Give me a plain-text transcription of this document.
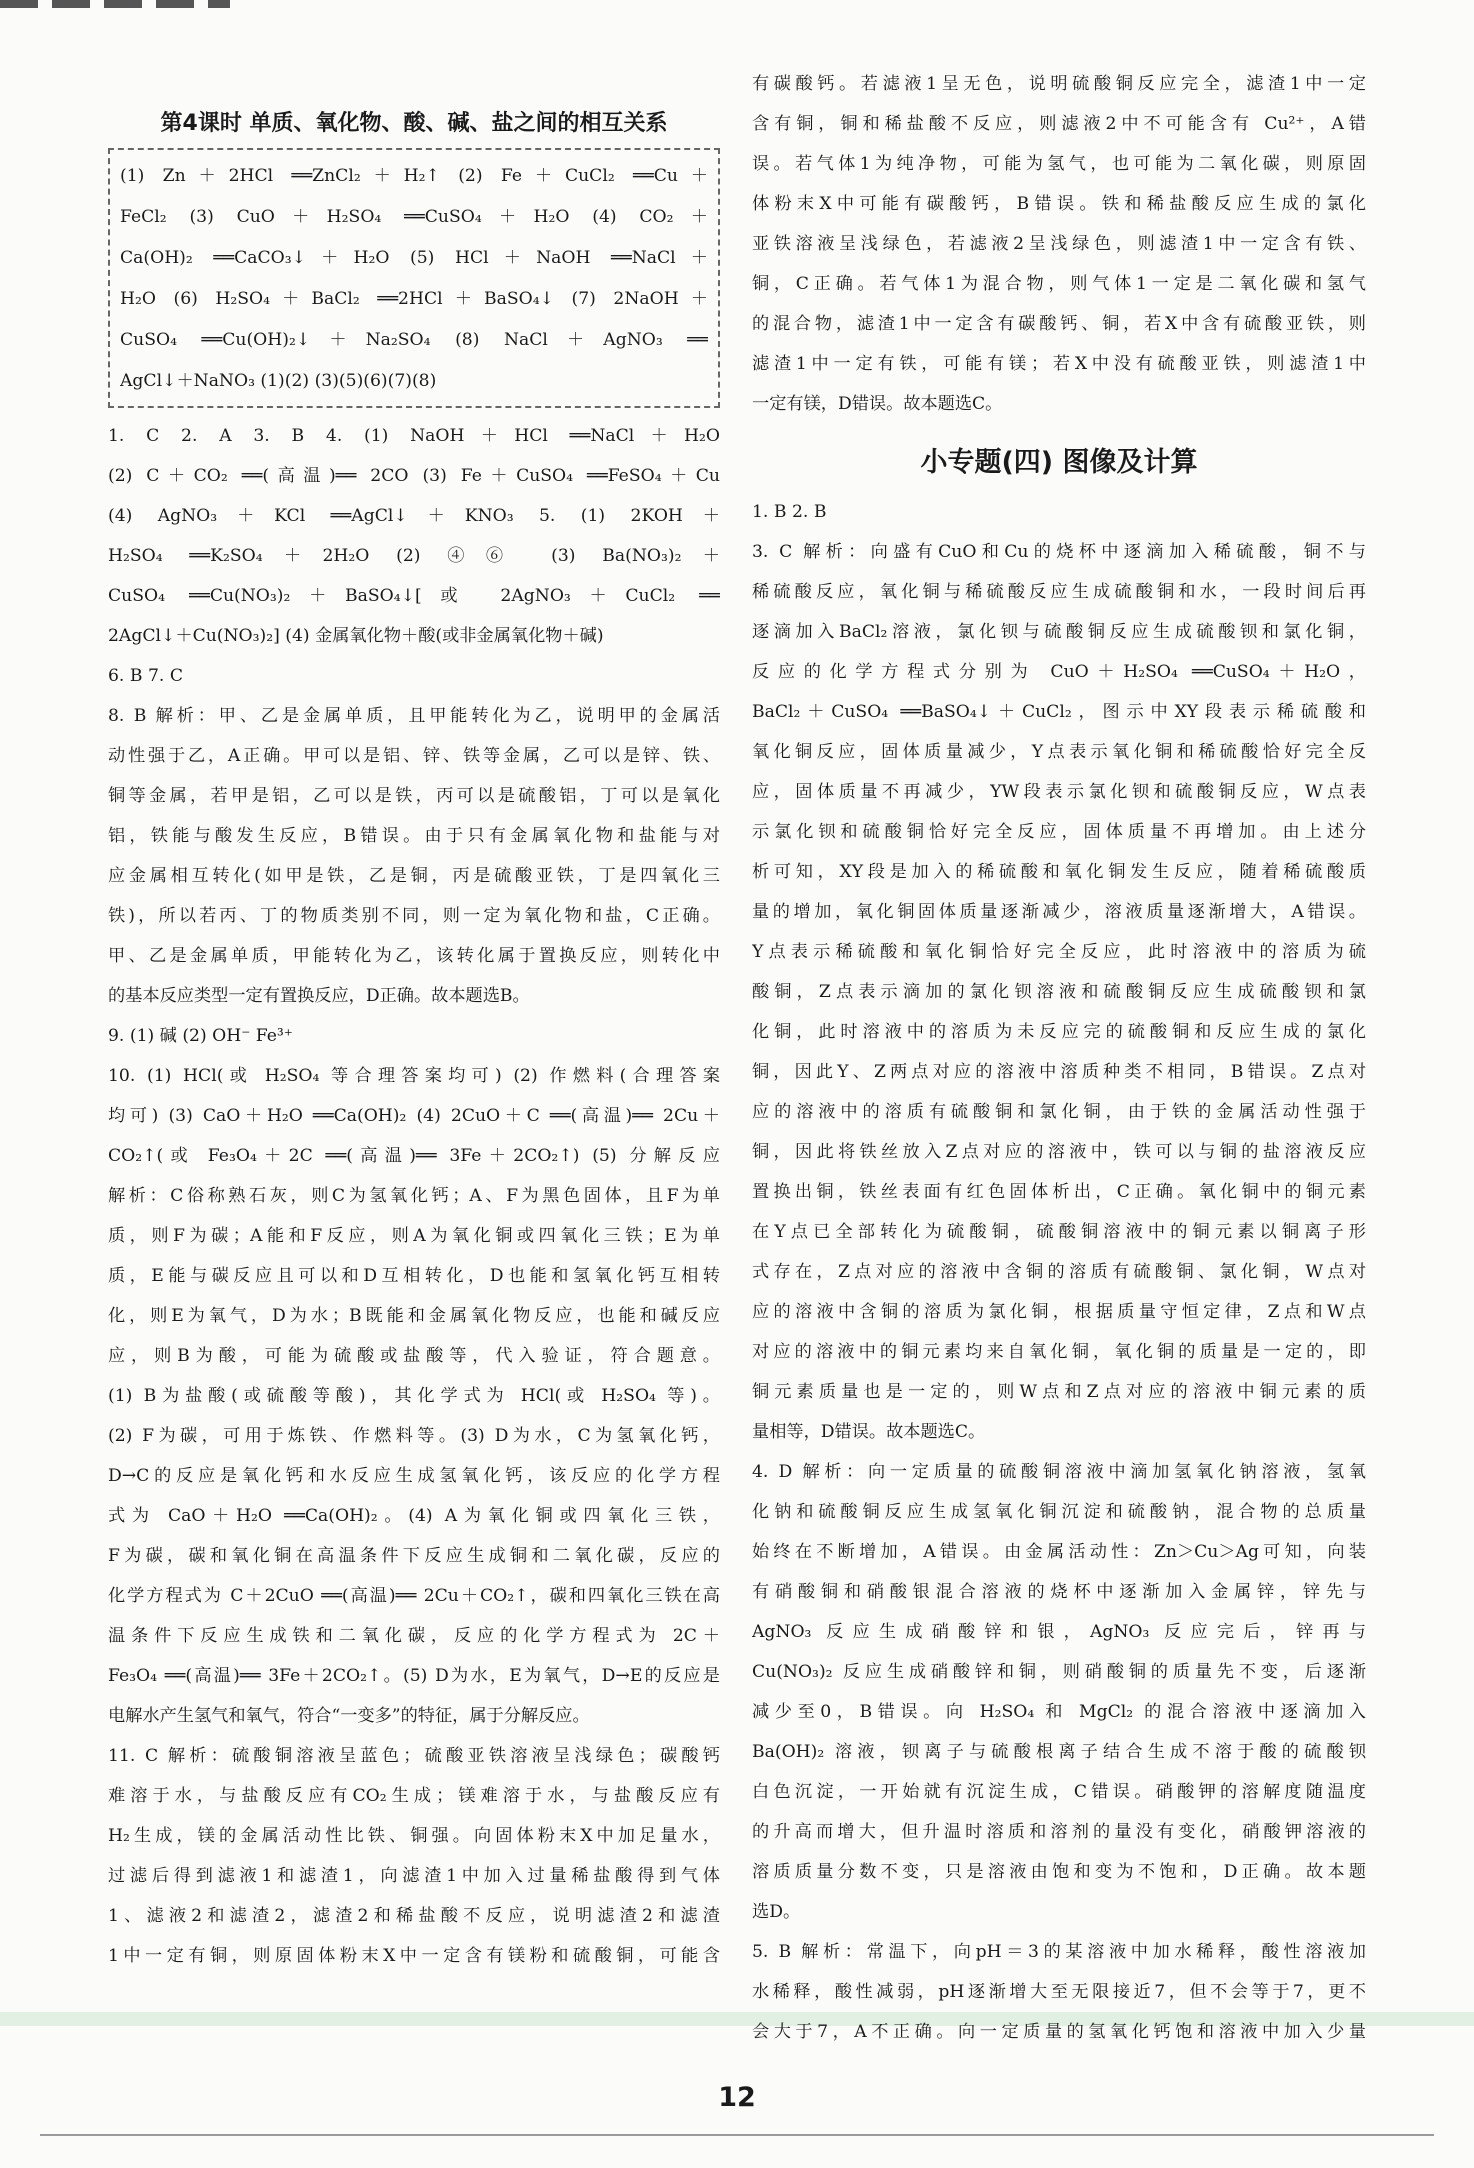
第4课时 单质、氧化物、酸、碱、盐之间的相互关系
(1) Zn＋2HCl ══ZnCl₂＋H₂↑ (2) Fe＋CuCl₂ ══Cu＋
FeCl₂ (3) CuO＋H₂SO₄ ══CuSO₄＋H₂O (4) CO₂＋
Ca(OH)₂ ══CaCO₃↓＋H₂O (5) HCl＋NaOH ══NaCl＋
H₂O (6) H₂SO₄＋BaCl₂ ══2HCl＋BaSO₄↓ (7) 2NaOH＋
CuSO₄ ══Cu(OH)₂↓＋Na₂SO₄ (8) NaCl＋AgNO₃ ══
AgCl↓＋NaNO₃ (1)(2) (3)(5)(6)(7)(8)
1. C 2. A 3. B 4. (1) NaOH＋HCl ══NaCl＋H₂O
(2) C＋CO₂ ══(高温)══ 2CO (3) Fe＋CuSO₄ ══FeSO₄＋Cu
(4) AgNO₃＋KCl ══AgCl↓＋KNO₃ 5. (1) 2KOH＋
H₂SO₄ ══K₂SO₄＋2H₂O (2) ④⑥ (3) Ba(NO₃)₂＋
CuSO₄ ══Cu(NO₃)₂＋BaSO₄↓[或 2AgNO₃＋CuCl₂ ══
2AgCl↓＋Cu(NO₃)₂] (4) 金属氧化物＋酸(或非金属氧化物＋碱)
6. B 7. C
8. B 解析：甲、乙是金属单质，且甲能转化为乙，说明甲的金属活
动性强于乙，A正确。甲可以是铝、锌、铁等金属，乙可以是锌、铁、
铜等金属，若甲是铝，乙可以是铁，丙可以是硫酸铝，丁可以是氧化
铝，铁能与酸发生反应，B错误。由于只有金属氧化物和盐能与对
应金属相互转化(如甲是铁，乙是铜，丙是硫酸亚铁，丁是四氧化三
铁)，所以若丙、丁的物质类别不同，则一定为氧化物和盐，C正确。
甲、乙是金属单质，甲能转化为乙，该转化属于置换反应，则转化中
的基本反应类型一定有置换反应，D正确。故本题选B。
9. (1) 碱 (2) OH⁻ Fe³⁺
10. (1) HCl(或 H₂SO₄ 等合理答案均可) (2) 作燃料(合理答案
均可) (3) CaO＋H₂O ══Ca(OH)₂ (4) 2CuO＋C ══(高温)══ 2Cu＋
CO₂↑(或 Fe₃O₄＋2C ══(高温)══ 3Fe＋2CO₂↑) (5) 分解反应
解析：C俗称熟石灰，则C为氢氧化钙；A、F为黑色固体，且F为单
质，则F为碳；A能和F反应，则A为氧化铜或四氧化三铁；E为单
质，E能与碳反应且可以和D互相转化，D也能和氢氧化钙互相转
化，则E为氧气，D为水；B既能和金属氧化物反应，也能和碱反应
应，则B为酸，可能为硫酸或盐酸等，代入验证，符合题意。
(1) B为盐酸(或硫酸等酸)，其化学式为 HCl(或 H₂SO₄ 等)。
(2) F为碳，可用于炼铁、作燃料等。(3) D为水，C为氢氧化钙，
D→C的反应是氧化钙和水反应生成氢氧化钙，该反应的化学方程
式为 CaO＋H₂O ══Ca(OH)₂。(4) A为氧化铜或四氧化三铁，
F为碳，碳和氧化铜在高温条件下反应生成铜和二氧化碳，反应的
化学方程式为 C＋2CuO ══(高温)══ 2Cu＋CO₂↑，碳和四氧化三铁在高
温条件下反应生成铁和二氧化碳，反应的化学方程式为 2C＋
Fe₃O₄ ══(高温)══ 3Fe＋2CO₂↑。(5) D为水，E为氧气，D→E的反应是
电解水产生氢气和氧气，符合“一变多”的特征，属于分解反应。
11. C 解析：硫酸铜溶液呈蓝色；硫酸亚铁溶液呈浅绿色；碳酸钙
难溶于水，与盐酸反应有CO₂生成；镁难溶于水，与盐酸反应有
H₂生成，镁的金属活动性比铁、铜强。向固体粉末X中加足量水，
过滤后得到滤液1和滤渣1，向滤渣1中加入过量稀盐酸得到气体
1、滤液2和滤渣2，滤渣2和稀盐酸不反应，说明滤渣2和滤渣
1中一定有铜，则原固体粉末X中一定含有镁粉和硫酸铜，可能含
有碳酸钙。若滤液1呈无色，说明硫酸铜反应完全，滤渣1中一定
含有铜，铜和稀盐酸不反应，则滤液2中不可能含有 Cu²⁺，A错
误。若气体1为纯净物，可能为氢气，也可能为二氧化碳，则原固
体粉末X中可能有碳酸钙，B错误。铁和稀盐酸反应生成的氯化
亚铁溶液呈浅绿色，若滤液2呈浅绿色，则滤渣1中一定含有铁、
铜，C正确。若气体1为混合物，则气体1一定是二氧化碳和氢气
的混合物，滤渣1中一定含有碳酸钙、铜，若X中含有硫酸亚铁，则
滤渣1中一定有铁，可能有镁；若X中没有硫酸亚铁，则滤渣1中
一定有镁，D错误。故本题选C。
小专题(四) 图像及计算
1. B 2. B
3. C 解析：向盛有CuO和Cu的烧杯中逐滴加入稀硫酸，铜不与
稀硫酸反应，氧化铜与稀硫酸反应生成硫酸铜和水，一段时间后再
逐滴加入BaCl₂溶液，氯化钡与硫酸铜反应生成硫酸钡和氯化铜，
反应的化学方程式分别为 CuO＋H₂SO₄ ══CuSO₄＋H₂O，
BaCl₂＋CuSO₄ ══BaSO₄↓＋CuCl₂，图示中XY段表示稀硫酸和
氧化铜反应，固体质量减少，Y点表示氧化铜和稀硫酸恰好完全反
应，固体质量不再减少，YW段表示氯化钡和硫酸铜反应，W点表
示氯化钡和硫酸铜恰好完全反应，固体质量不再增加。由上述分
析可知，XY段是加入的稀硫酸和氧化铜发生反应，随着稀硫酸质
量的增加，氧化铜固体质量逐渐减少，溶液质量逐渐增大，A错误。
Y点表示稀硫酸和氧化铜恰好完全反应，此时溶液中的溶质为硫
酸铜，Z点表示滴加的氯化钡溶液和硫酸铜反应生成硫酸钡和氯
化铜，此时溶液中的溶质为未反应完的硫酸铜和反应生成的氯化
铜，因此Y、Z两点对应的溶液中溶质种类不相同，B错误。Z点对
应的溶液中的溶质有硫酸铜和氯化铜，由于铁的金属活动性强于
铜，因此将铁丝放入Z点对应的溶液中，铁可以与铜的盐溶液反应
置换出铜，铁丝表面有红色固体析出，C正确。氧化铜中的铜元素
在Y点已全部转化为硫酸铜，硫酸铜溶液中的铜元素以铜离子形
式存在，Z点对应的溶液中含铜的溶质有硫酸铜、氯化铜，W点对
应的溶液中含铜的溶质为氯化铜，根据质量守恒定律，Z点和W点
对应的溶液中的铜元素均来自氧化铜，氧化铜的质量是一定的，即
铜元素质量也是一定的，则W点和Z点对应的溶液中铜元素的质
量相等，D错误。故本题选C。
4. D 解析：向一定质量的硫酸铜溶液中滴加氢氧化钠溶液，氢氧
化钠和硫酸铜反应生成氢氧化铜沉淀和硫酸钠，混合物的总质量
始终在不断增加，A错误。由金属活动性：Zn＞Cu＞Ag可知，向装
有硝酸铜和硝酸银混合溶液的烧杯中逐渐加入金属锌，锌先与
AgNO₃ 反应生成硝酸锌和银，AgNO₃ 反应完后，锌再与
Cu(NO₃)₂ 反应生成硝酸锌和铜，则硝酸铜的质量先不变，后逐渐
减少至0，B错误。向 H₂SO₄ 和 MgCl₂ 的混合溶液中逐滴加入
Ba(OH)₂ 溶液，钡离子与硫酸根离子结合生成不溶于酸的硫酸钡
白色沉淀，一开始就有沉淀生成，C错误。硝酸钾的溶解度随温度
的升高而增大，但升温时溶质和溶剂的量没有变化，硝酸钾溶液的
溶质质量分数不变，只是溶液由饱和变为不饱和，D正确。故本题
选D。
5. B 解析：常温下，向pH＝3的某溶液中加水稀释，酸性溶液加
水稀释，酸性减弱，pH逐渐增大至无限接近7，但不会等于7，更不
会大于7，A不正确。向一定质量的氢氧化钙饱和溶液中加入少量
12
